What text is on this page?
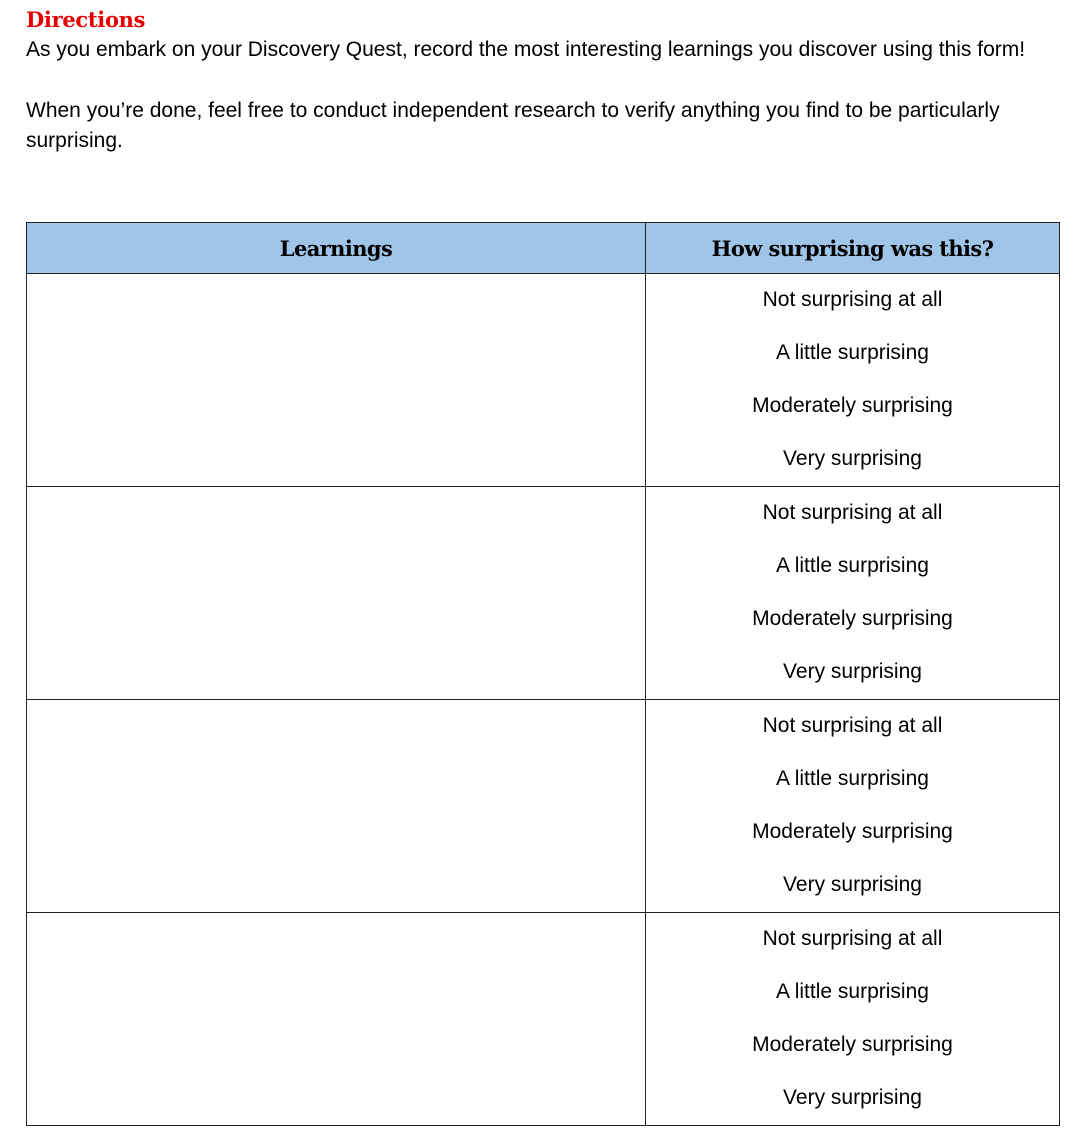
Directions

As you embark on your Discovery Quest, record the most interesting learnings you discover using this form!

When you’re done, feel free to conduct independent research to verify anything you find to be particularly surprising.

Learnings	How surprising was this?

	Not surprising at all
A little surprising
Moderately surprising
Very surprising

	Not surprising at all
A little surprising
Moderately surprising
Very surprising

	Not surprising at all
A little surprising
Moderately surprising
Very surprising

	Not surprising at all
A little surprising
Moderately surprising
Very surprising
